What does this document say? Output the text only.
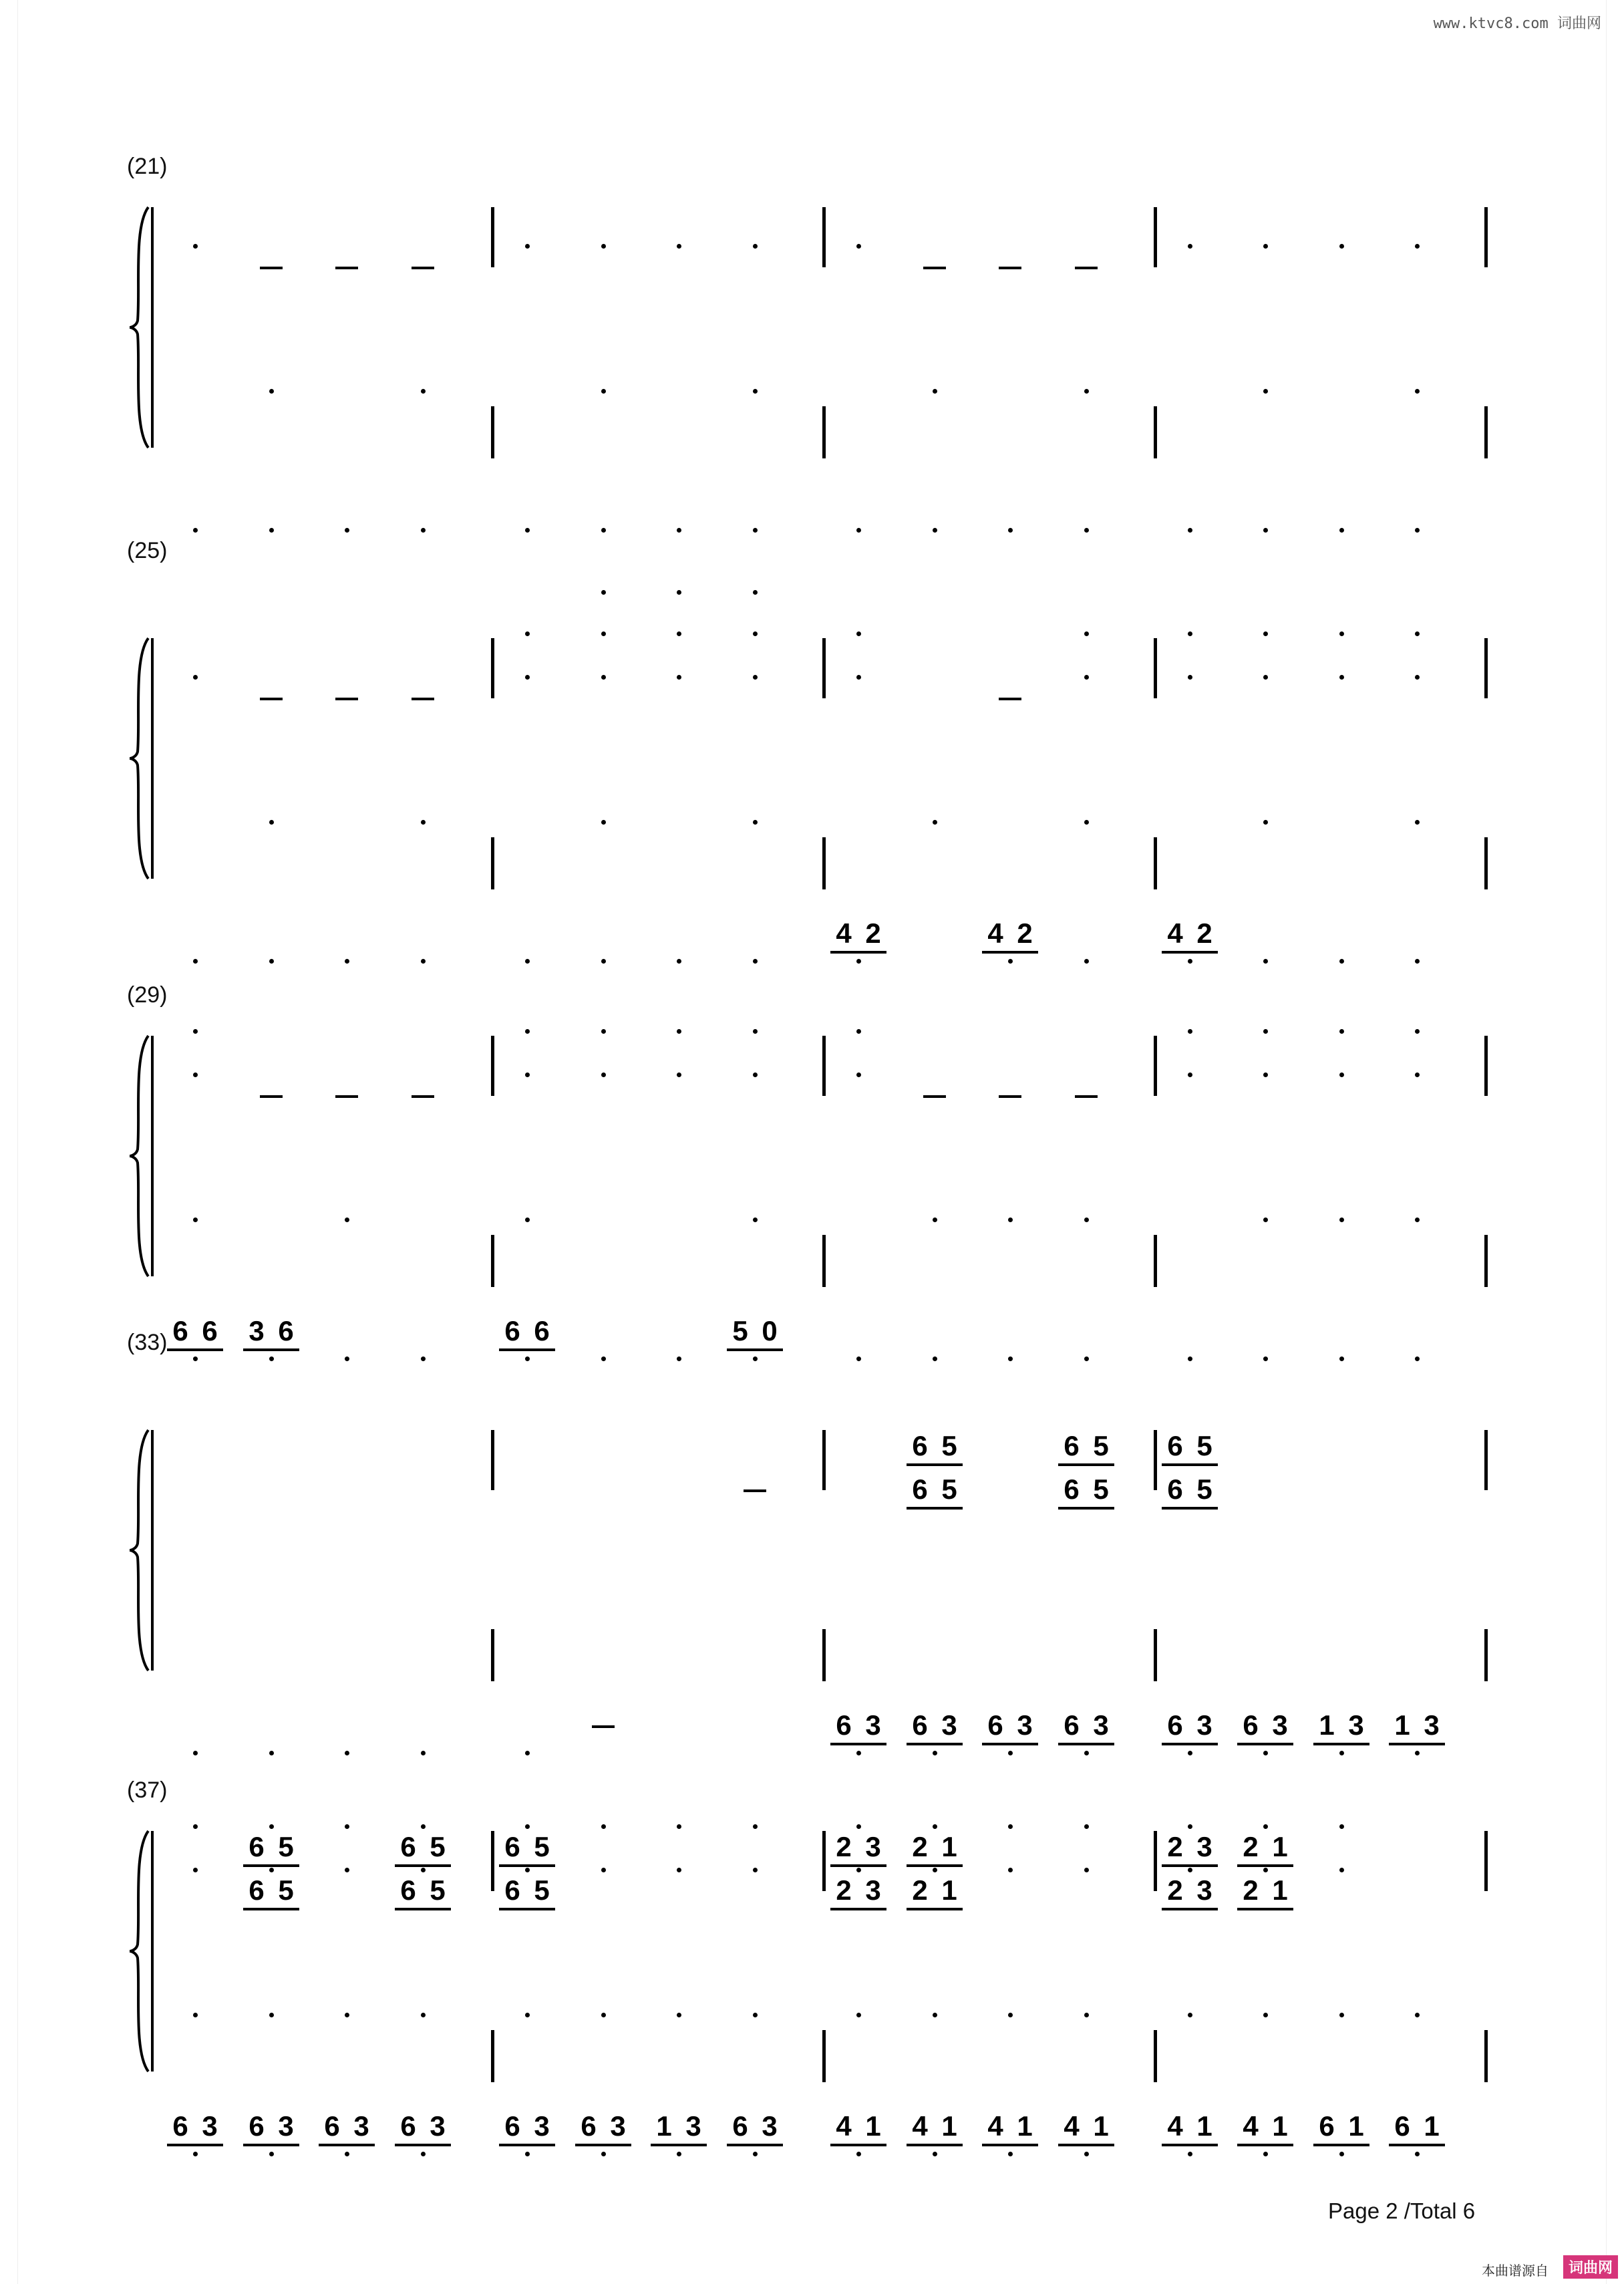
www.ktvc8.com 词曲网
(21)
(25)
4 2	4 2	4 2
(29)
6 6 3 6	6 6	5 0
(33)
6 5	6 5 6 5
6 5	6 5 6 5
6 3 6 3 6 3 6 3 6 3 6 3 1 3 1 3
(37)
6 5	6 5 6 5	2 3 2 1	2 3 2 1
6 5	6 5 6 5	2 3 2 1	2 3 2 1
6 3 6 3 6 3 6 3 6 3 6 3 1 3 6 3 4 1 4 1 4 1 4 1 4 1 4 1 6 1 6 1
Page 2 /Total 6
本曲谱源自	词曲网
